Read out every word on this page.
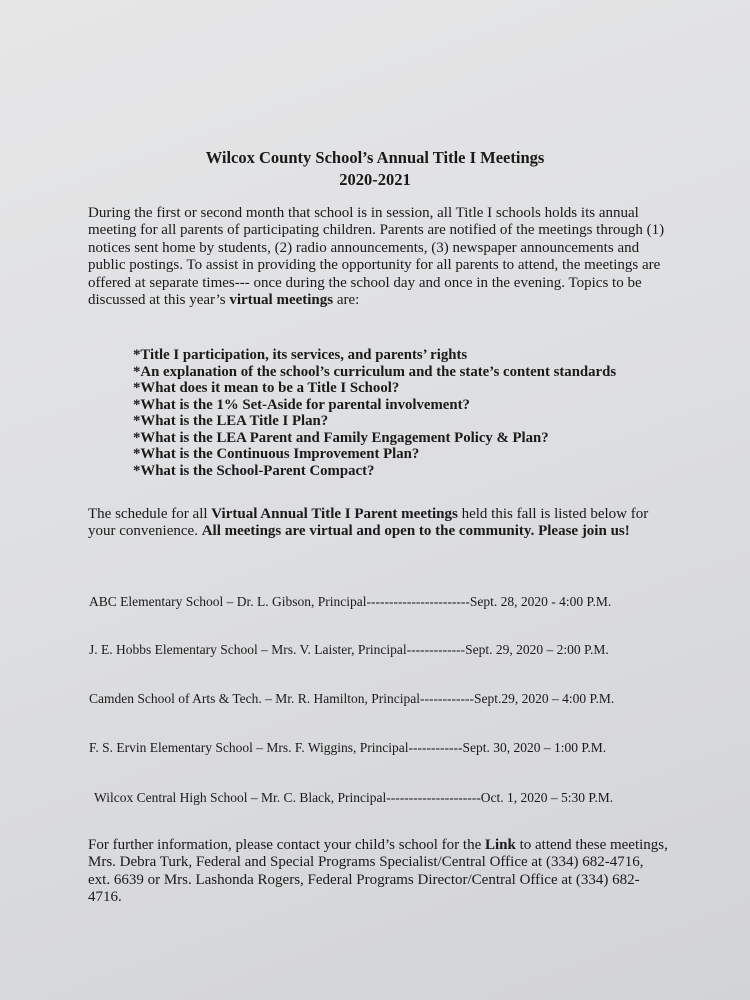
Wilcox County School’s Annual Title I Meetings
2020-2021

During the first or second month that school is in session, all Title I schools holds its annual meeting for all parents of participating children. Parents are notified of the meetings through (1) notices sent home by students, (2) radio announcements, (3) newspaper announcements and public postings. To assist in providing the opportunity for all parents to attend, the meetings are offered at separate times--- once during the school day and once in the evening. Topics to be discussed at this year’s virtual meetings are:

*Title I participation, its services, and parents’ rights
*An explanation of the school’s curriculum and the state’s content standards
*What does it mean to be a Title I School?
*What is the 1% Set-Aside for parental involvement?
*What is the LEA Title I Plan?
*What is the LEA Parent and Family Engagement Policy & Plan?
*What is the Continuous Improvement Plan?
*What is the School-Parent Compact?

The schedule for all Virtual Annual Title I Parent meetings held this fall is listed below for your convenience. All meetings are virtual and open to the community. Please join us!

ABC Elementary School – Dr. L. Gibson, Principal-----------------------Sept. 28, 2020 - 4:00 P.M.

J. E. Hobbs Elementary School – Mrs. V. Laister, Principal-------------Sept. 29, 2020 – 2:00 P.M.

Camden School of Arts & Tech. – Mr. R. Hamilton, Principal------------Sept.29, 2020 – 4:00 P.M.

F. S. Ervin Elementary School – Mrs. F. Wiggins, Principal------------Sept. 30, 2020 – 1:00 P.M.

Wilcox Central High School – Mr. C. Black, Principal---------------------Oct. 1, 2020 – 5:30 P.M.

For further information, please contact your child’s school for the Link to attend these meetings, Mrs. Debra Turk, Federal and Special Programs Specialist/Central Office at (334) 682-4716, ext. 6639 or Mrs. Lashonda Rogers, Federal Programs Director/Central Office at (334) 682-4716.
